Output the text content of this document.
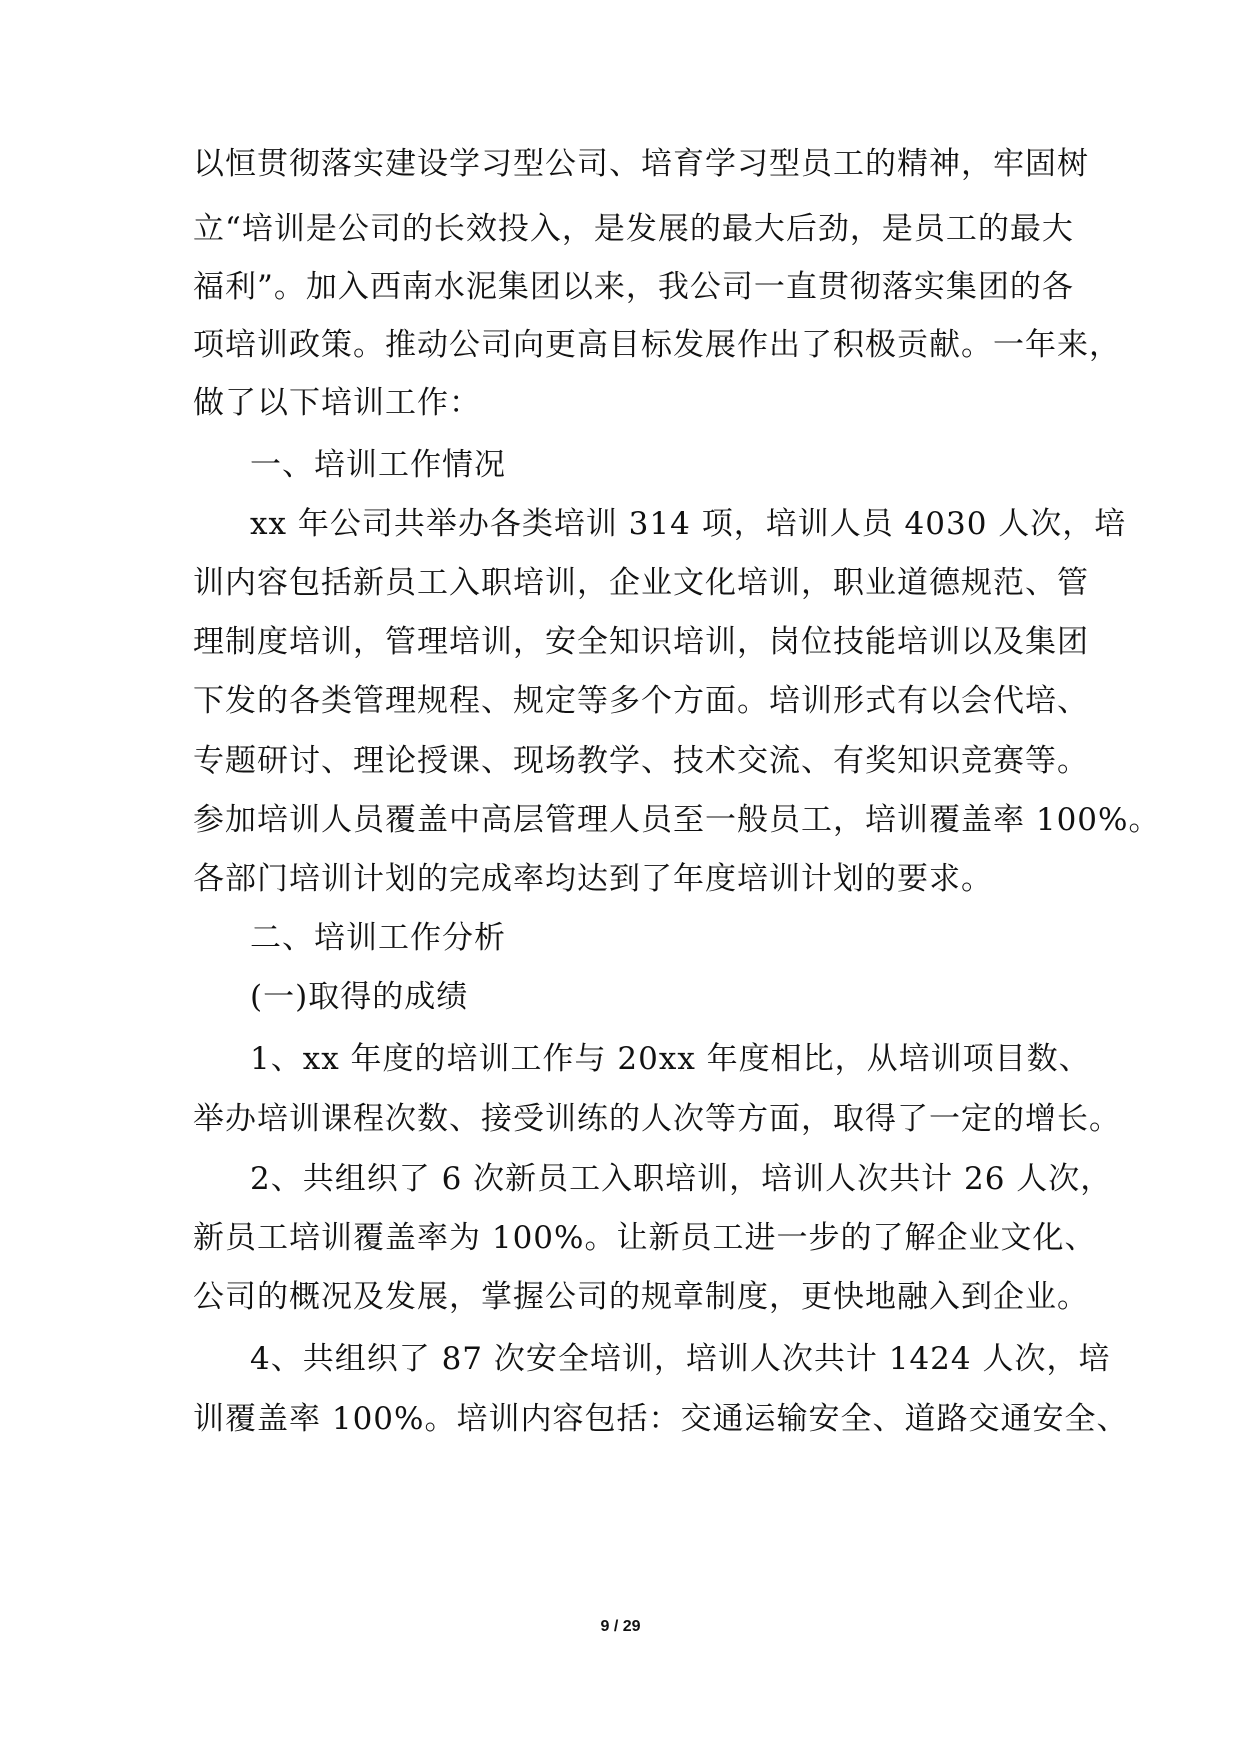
以恒贯彻落实建设学习型公司、培育学习型员工的精神，牢固树
立“培训是公司的长效投入，是发展的最大后劲，是员工的最大
福利”。加入西南水泥集团以来，我公司一直贯彻落实集团的各
项培训政策。推动公司向更高目标发展作出了积极贡献。一年来，
做了以下培训工作：
一、培训工作情况
xx 年公司共举办各类培训 314 项，培训人员 4030 人次，培
训内容包括新员工入职培训，企业文化培训，职业道德规范、管
理制度培训，管理培训，安全知识培训，岗位技能培训以及集团
下发的各类管理规程、规定等多个方面。培训形式有以会代培、
专题研讨、理论授课、现场教学、技术交流、有奖知识竞赛等。
参加培训人员覆盖中高层管理人员至一般员工，培训覆盖率 100%。
各部门培训计划的完成率均达到了年度培训计划的要求。
二、培训工作分析
(一)取得的成绩
1、xx 年度的培训工作与 20xx 年度相比，从培训项目数、
举办培训课程次数、接受训练的人次等方面，取得了一定的增长。
2、共组织了 6 次新员工入职培训，培训人次共计 26 人次，
新员工培训覆盖率为 100%。让新员工进一步的了解企业文化、
公司的概况及发展，掌握公司的规章制度，更快地融入到企业。
4、共组织了 87 次安全培训，培训人次共计 1424 人次，培
训覆盖率 100%。培训内容包括：交通运输安全、道路交通安全、
9 / 29
